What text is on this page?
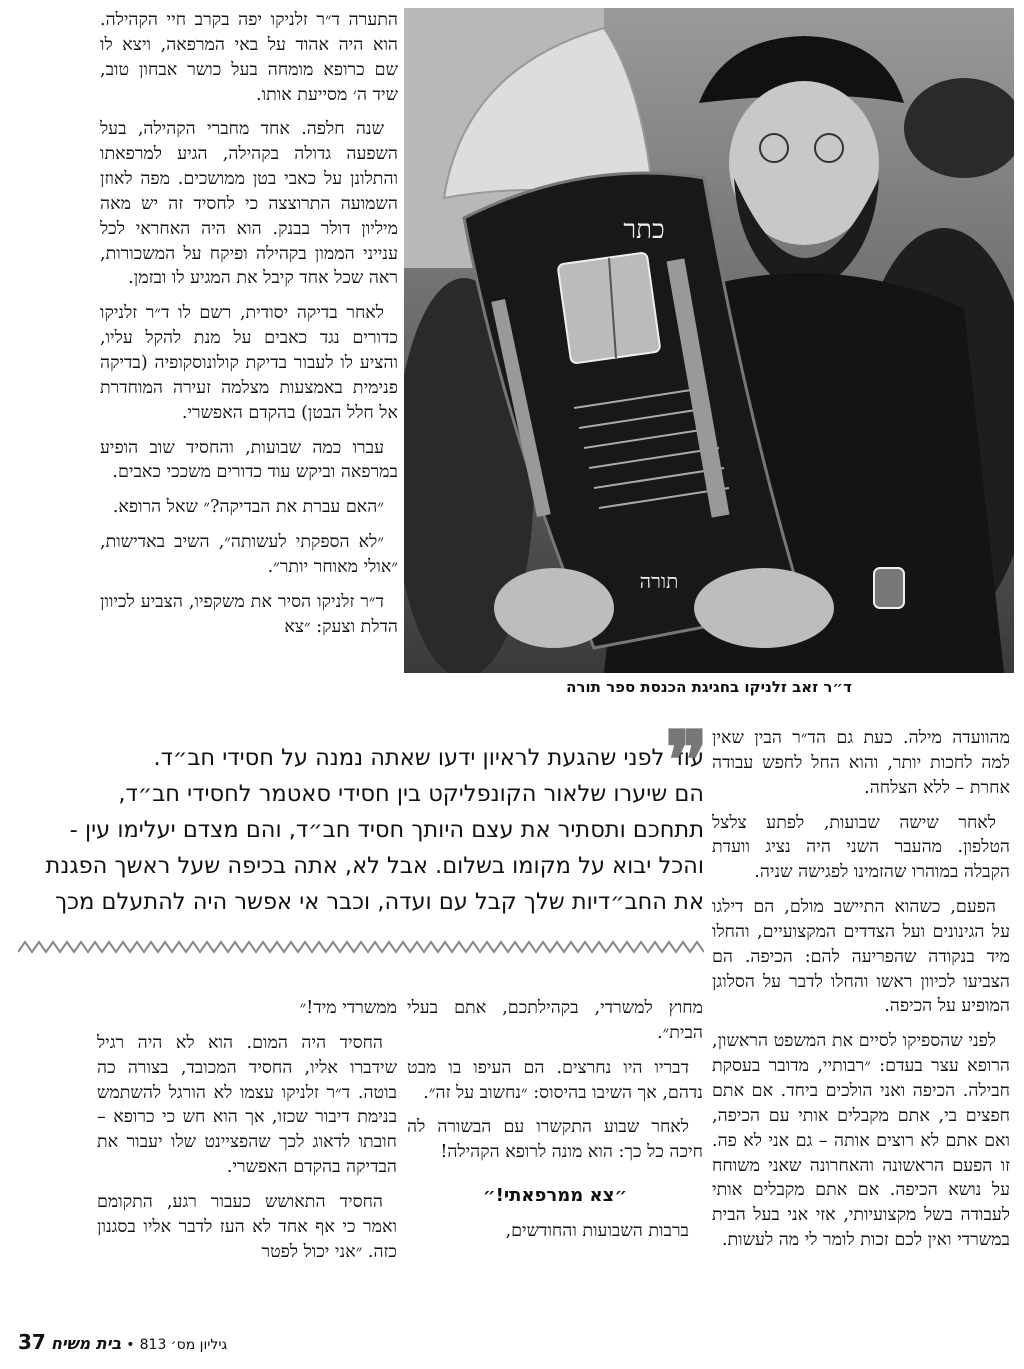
התערה ד״ר זלניקו יפה בקרב חיי הקהילה. הוא היה אהוד על באי המרפאה, ויצא לו שם כרופא מומחה בעל כושר אבחון טוב, שיד ה׳ מסייעת אותו.

שנה חלפה. אחד מחברי הקהילה, בעל השפעה גדולה בקהילה, הגיע למרפאתו והתלונן על כאבי בטן ממושכים. מפה לאוזן השמועה התרוצצה כי לחסיד זה יש מאה מיליון דולר בבנק. הוא היה האחראי לכל ענייני הממון בקהילה ופיקח על המשכורות, ראה שכל אחד קיבל את המגיע לו ובזמן.

לאחר בדיקה יסודית, רשם לו ד״ר זלניקו כדורים נגד כאבים על מנת להקל עליו, והציע לו לעבור בדיקת קולונוסקופיה (בדיקה פנימית באמצעות מצלמה זעירה המוחדרת אל חלל הבטן) בהקדם האפשרי.

עברו כמה שבועות, והחסיד שוב הופיע במרפאה וביקש עוד כדורים משככי כאבים.

״האם עברת את הבדיקה?״ שאל הרופא.

״לא הספקתי לעשותה״, השיב באדישות, ״אולי מאוחר יותר״.

ד״ר זלניקו הסיר את משקפיו, הצביע לכיוון הדלת וצעק: ״צא

כתר
תורה
ד״ר זאב זלניקו בחגיגת הכנסת ספר תורה

מהוועדה מילה. כעת גם הד״ר הבין שאין למה לחכות יותר, והוא החל לחפש עבודה אחרת – ללא הצלחה.

לאחר שישה שבועות, לפתע צלצל הטלפון. מהעבר השני היה נציג וועדת הקבלה במוהרו שהזמינו לפגישה שניה.

הפעם, כשהוא התיישב מולם, הם דילגו על הגינונים ועל הצדדים המקצועיים, והחלו מיד בנקודה שהפריעה להם: הכיפה. הם הצביעו לכיוון ראשו והחלו לדבר על הסלוגן המופיע על הכיפה.

לפני שהספיקו לסיים את המשפט הראשון, הרופא עצר בעדם: ״רבותיי, מדובר בעסקת חבילה. הכיפה ואני הולכים ביחד. אם אתם חפצים בי, אתם מקבלים אותי עם הכיפה, ואם אתם לא רוצים אותה – גם אני לא פה. זו הפעם הראשונה והאחרונה שאני משוחח על נושא הכיפה. אם אתם מקבלים אותי לעבודה בשל מקצועיותי, אזי אני בעל הבית במשרדי ואין לכם זכות לומר לי מה לעשות.

❞
עוד לפני שהגעת לראיון ידעו שאתה נמנה על חסידי חב״ד.
הם שיערו שלאור הקונפליקט בין חסידי סאטמר לחסידי חב״ד,
תתחכם ותסתיר את עצם היותך חסיד חב״ד, והם מצדם יעלימו עין -
והכל יבוא על מקומו בשלום. אבל לא, אתה בכיפה שעל ראשך הפגנת
את החב״דיות שלך קבל עם ועדה, וכבר אי אפשר היה להתעלם מכך

מחוץ למשרדי, בקהילתכם, אתם בעלי הבית״.

דבריו היו נחרצים. הם העיפו בו מבט נדהם, אך השיבו בהיסוס: ״נחשוב על זה״.

לאחר שבוע התקשרו עם הבשורה לה חיכה כל כך: הוא מונה לרופא הקהילה!

״צא ממרפאתי!״

ברבות השבועות והחודשים,

ממשרדי מיד!״

החסיד היה המום. הוא לא היה רגיל שידברו אליו, החסיד המכובד, בצורה כה בוטה. ד״ר זלניקו עצמו לא הורגל להשתמש בנימת דיבור שכזו, אך הוא חש כי כרופא – חובתו לדאוג לכך שהפציינט שלו יעבור את הבדיקה בהקדם האפשרי.

החסיד התאושש כעבור רגע, התקומם ואמר כי אף אחד לא העז לדבר אליו בסגנון כזה. ״אני יכול לפטר

37	גיליון מס׳ 813 • בית משיח
